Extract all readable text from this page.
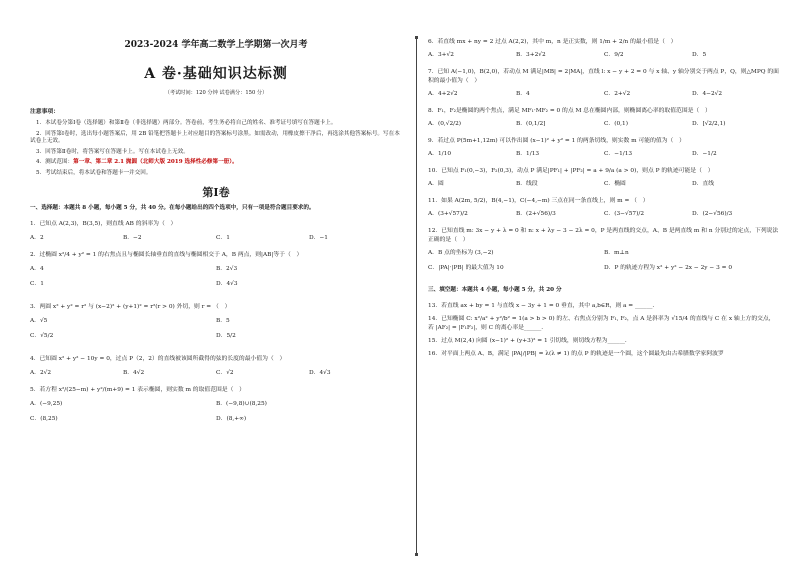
2023-2024 学年高二数学上学期第一次月考

A 卷·基础知识达标测

（考试时间：120 分钟 试卷满分：150 分）

注意事项：

1．本试卷分第Ⅰ卷（选择题）和第Ⅱ卷（非选择题）两部分。答卷前，考生务必将自己的姓名、准考证号填写在答题卡上。

2．回答第Ⅰ卷时，选出每小题答案后，用 2B 铅笔把答题卡上对应题目的答案标号涂黑。如需改动，用橡皮擦干净后，再选涂其他答案标号。写在本试卷上无效。

3．回答第Ⅱ卷时，将答案写在答题卡上。写在本试卷上无效。

4．测试范围：第一章、第二章 2.1 抛圆（北师大版 2019 选择性必修第一册）。

5．考试结束后，将本试卷和答题卡一并交回。

第Ⅰ卷

一、选择题：本题共 8 小题，每小题 5 分，共 40 分。在每小题给出的四个选项中，只有一项是符合题目要求的。

1．已知点 A(2,3)，B(3,5)，则直线 AB 的斜率为（　）

A．2	B．−2	C．1	D．−1

2．过椭圆 x²/4 + y² = 1 的右焦点且与椭圆长轴垂直的直线与椭圆相交于 A，B 两点，则|AB|等于（　）

A．4	B．2√3
C．1	D．4√3

3．两圆 x² + y² = r² 与 (x−2)² + (y+1)² = r²(r > 0) 外切，则 r = （　）

A．√5	B．5
C．√5/2	D．5/2

4．已知圆 x² + y² − 10y = 0，过点 P（2，2）的直线被该圆所截得的弦的长度的最小值为（　）

A．2√2	B．4√2	C．√2	D．4√3

5．若方程 x²/(25−m) + y²/(m+9) = 1 表示椭圆，则实数 m 的取值范围是（　）

A．(−9,25)	B．(−9,8)∪(8,25)
C．(8,25)	D．(8,+∞)

6．若直线 mx + ny = 2 过点 A(2,2)，其中 m，n 是正实数，则 1/m + 2/n 的最小值是（　）

A．3+√2	B．3+2√2	C．9/2	D．5

7．已知 A(−1,0)，B(2,0)，若动点 M 满足|MB| = 2|MA|，直线 l: x − y + 2 = 0 与 x 轴、y 轴分别交于两点 P，Q，则△MPQ 的面积的最小值为（　）

A．4+2√2	B．4	C．2+√2	D．4−2√2

8．F₁，F₂是椭圆的两个焦点，满足 MF₁·MF₂ = 0 的点 M 总在椭圆内部，则椭圆离心率的取值范围是（　）

A．(0,√2/2)	B．(0,1/2]	C．(0,1)	D．[√2/2,1)

9．若过点 P(5m+1,12m) 可以作出圆 (x−1)² + y² = 1 的两条切线，则实数 m 可能的值为（　）

A．1/10	B．1/13	C．−1/13	D．−1/2

10．已知点 F₁(0,−3)，F₂(0,3)，动点 P 满足|PF₁| + |PF₂| = a + 9/a (a > 0)，则点 P 的轨迹可能是（　）

A．圆	B．线段	C．椭圆	D．直线

11．如果 A(2m, 5/2)，B(4,−1)，C(−4,−m) 三点在同一条直线上，则 m = （　）

A．(3+√57)/2	B．(2+√56)/3	C．(3−√57)/2	D．(2−√56)/3

12．已知直线 m: 3x − y + λ = 0 和 n: x + λy − 3 − 2λ = 0，P 是两直线的交点，A、B 是两直线 m 和 n 分别过的定点，下列说法正确的是（　）

A．B 点的坐标为 (3,−2)	B．m⊥n
C．|PA|·|PB| 的最大值为 10	D．P 的轨迹方程为 x² + y² − 2x − 2y − 3 = 0

三、填空题：本题共 4 小题，每小题 5 分，共 20 分

13．若直线 ax + by = 1 与直线 x − 3y + 1 = 0 垂直，其中 a,b∈R，则 a = ______.

14．已知椭圆 C: x²/a² + y²/b² = 1(a > b > 0) 的左、右焦点分别为 F₁, F₂，点 A 是斜率为 √15/4 的直线与 C 在 x 轴上方的交点，若 |AF₂| = |F₁F₂|，则 C 的离心率是______.

15．过点 M(2,4) 向圆 (x−1)² + (y+3)² = 1 引切线，则切线方程为______.

16．对平面上两点 A、B，满足 |PA|/|PB| = λ(λ ≠ 1) 的点 P 的轨迹是一个圆，这个圆最先由古希腊数学家阿波罗
